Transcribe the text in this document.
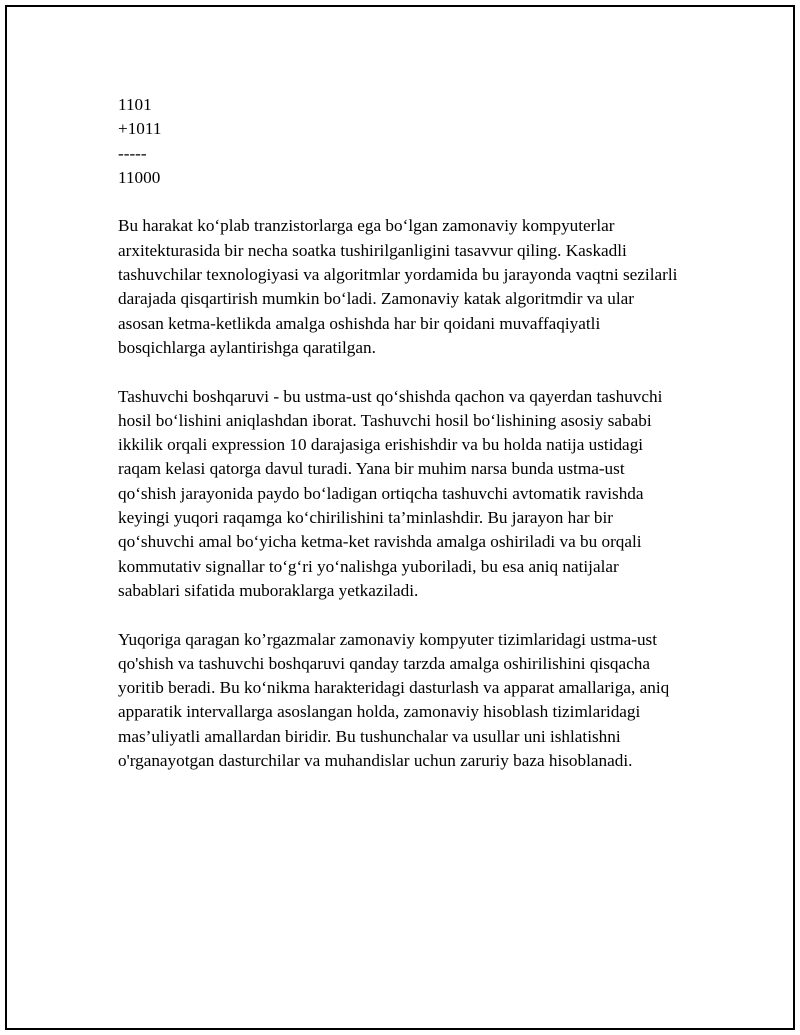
1101

+1011

-----

11000

Bu harakat ko‘plab tranzistorlarga ega bo‘lgan zamonaviy kompyuterlar arxitekturasida bir necha soatka tushirilganligini tasavvur qiling. Kaskadli tashuvchilar texnologiyasi va algoritmlar yordamida bu jarayonda vaqtni sezilarli darajada qisqartirish mumkin bo‘ladi. Zamonaviy katak algoritmdir va ular asosan ketma-ketlikda amalga oshishda har bir qoidani muvaffaqiyatli bosqichlarga aylantirishga qaratilgan.

Tashuvchi boshqaruvi - bu ustma-ust qo‘shishda qachon va qayerdan tashuvchi hosil bo‘lishini aniqlashdan iborat. Tashuvchi hosil bo‘lishining asosiy sababi ikkilik orqali expression 10 darajasiga erishishdir va bu holda natija ustidagi raqam kelasi qatorga davul turadi. Yana bir muhim narsa bunda ustma-ust qo‘shish jarayonida paydo bo‘ladigan ortiqcha tashuvchi avtomatik ravishda keyingi yuqori raqamga ko‘chirilishini ta’minlashdir. Bu jarayon har bir qo‘shuvchi amal bo‘yicha ketma-ket ravishda amalga oshiriladi va bu orqali kommutativ signallar to‘g‘ri yo‘nalishga yuboriladi, bu esa aniq natijalar sabablari sifatida muboraklarga yetkaziladi.

Yuqoriga qaragan ko’rgazmalar zamonaviy kompyuter tizimlaridagi ustma-ust qo'shish va tashuvchi boshqaruvi qanday tarzda amalga oshirilishini qisqacha yoritib beradi. Bu ko‘nikma harakteridagi dasturlash va apparat amallariga, aniq apparatik intervallarga asoslangan holda, zamonaviy hisoblash tizimlaridagi mas’uliyatli amallardan biridir. Bu tushunchalar va usullar uni ishlatishni o'rganayotgan dasturchilar va muhandislar uchun zaruriy baza hisoblanadi.
